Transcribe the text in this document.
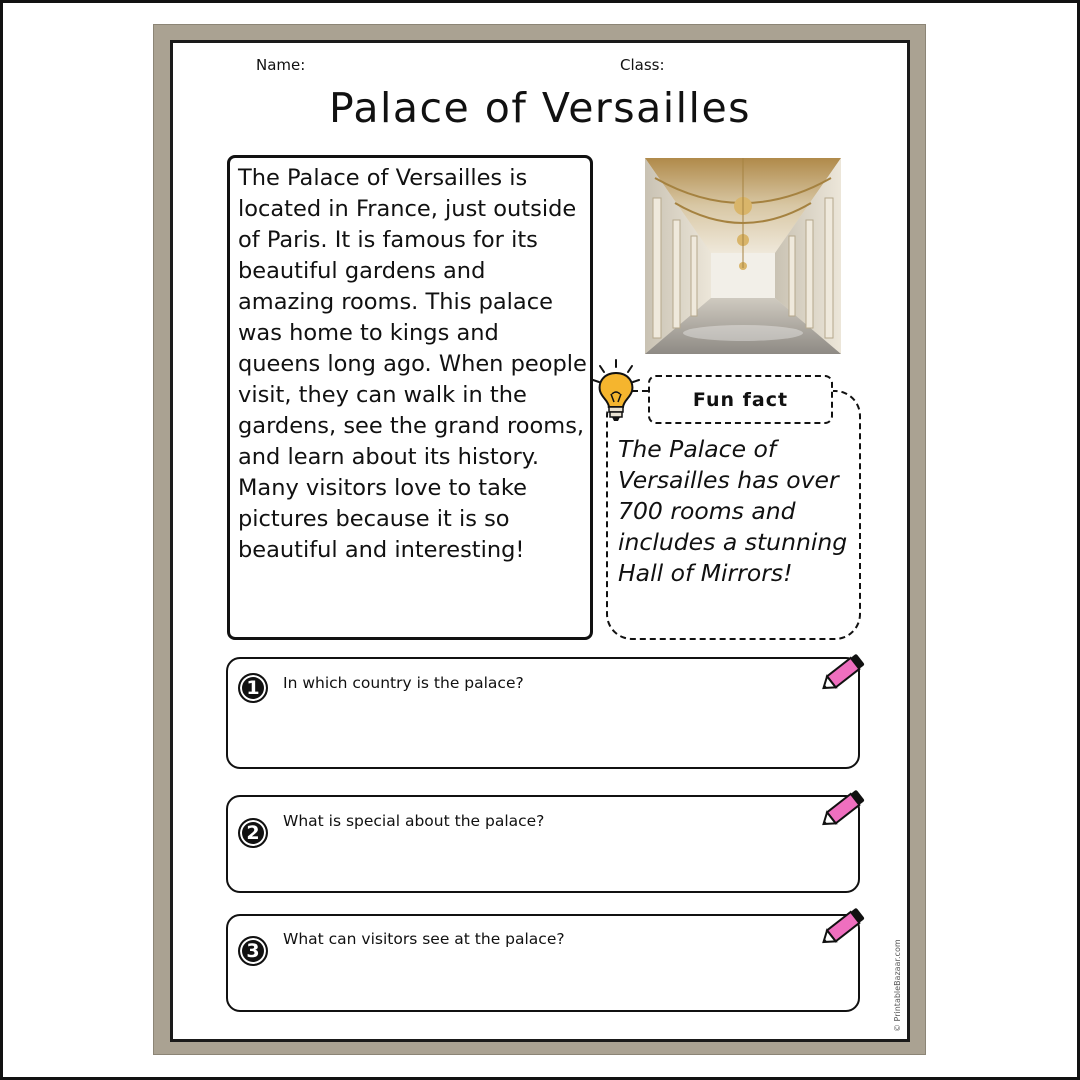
Name:	Class:
Palace of Versailles

The Palace of Versailles is located in France, just outside of Paris. It is famous for its beautiful gardens and amazing rooms. This palace was home to kings and queens long ago. When people visit, they can walk in the gardens, see the grand rooms, and learn about its history. Many visitors love to take pictures because it is so beautiful and interesting!

Fun fact

The Palace of Versailles has over 700 rooms and includes a stunning Hall of Mirrors!

1	In which country is the palace?
2
What is special about the palace?
3
What can visitors see at the palace?
© PrintableBazaar.com
